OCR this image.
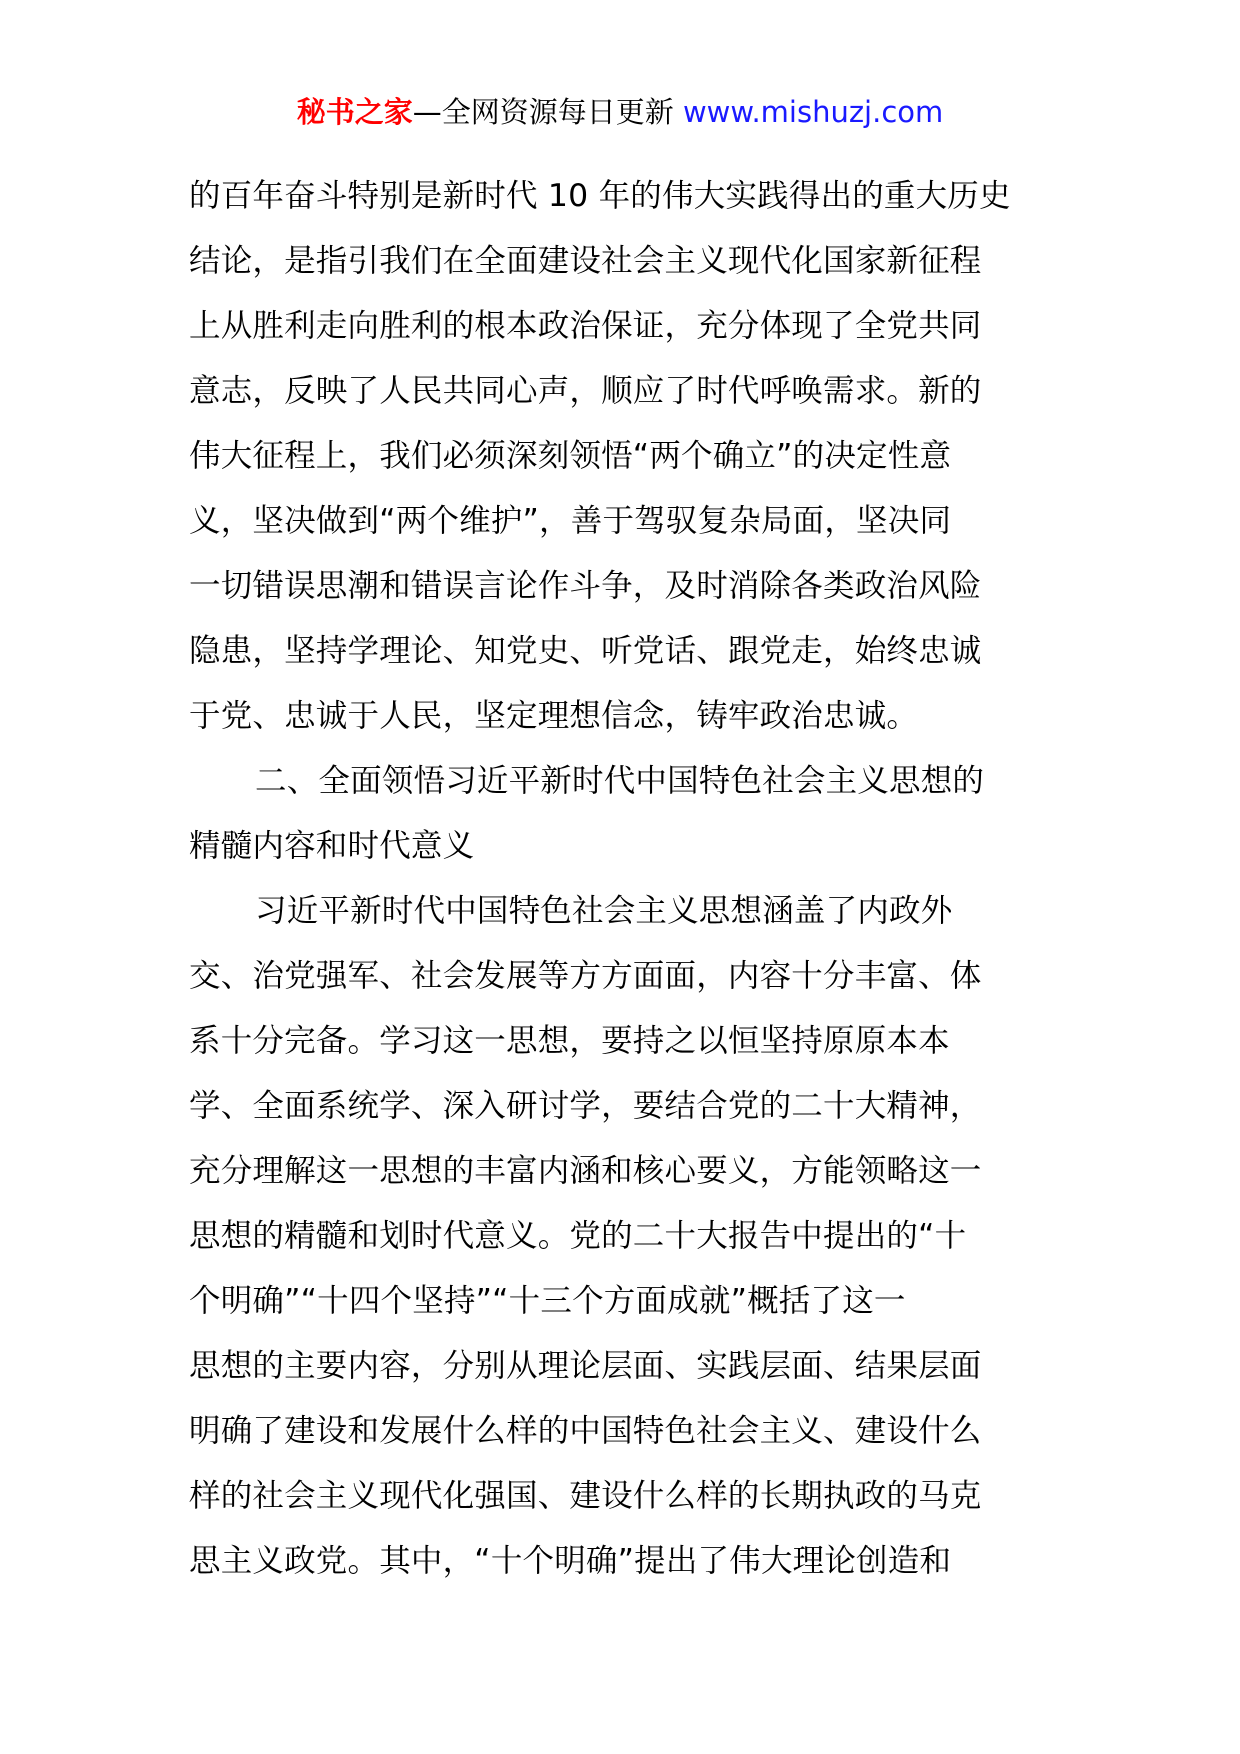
秘书之家—全网资源每日更新 www.mishuzj.com
的百年奋斗特别是新时代 10 年的伟大实践得出的重大历史
结论，是指引我们在全面建设社会主义现代化国家新征程
上从胜利走向胜利的根本政治保证，充分体现了全党共同
意志，反映了人民共同心声，顺应了时代呼唤需求。新的
伟大征程上，我们必须深刻领悟“两个确立”的决定性意
义，坚决做到“两个维护”，善于驾驭复杂局面，坚决同
一切错误思潮和错误言论作斗争，及时消除各类政治风险
隐患，坚持学理论、知党史、听党话、跟党走，始终忠诚
于党、忠诚于人民，坚定理想信念，铸牢政治忠诚。
二、全面领悟习近平新时代中国特色社会主义思想的
精髓内容和时代意义
习近平新时代中国特色社会主义思想涵盖了内政外
交、治党强军、社会发展等方方面面，内容十分丰富、体
系十分完备。学习这一思想，要持之以恒坚持原原本本
学、全面系统学、深入研讨学，要结合党的二十大精神，
充分理解这一思想的丰富内涵和核心要义，方能领略这一
思想的精髓和划时代意义。党的二十大报告中提出的“十
个明确”“十四个坚持”“十三个方面成就”概括了这一
思想的主要内容，分别从理论层面、实践层面、结果层面
明确了建设和发展什么样的中国特色社会主义、建设什么
样的社会主义现代化强国、建设什么样的长期执政的马克
思主义政党。其中，“十个明确”提出了伟大理论创造和
